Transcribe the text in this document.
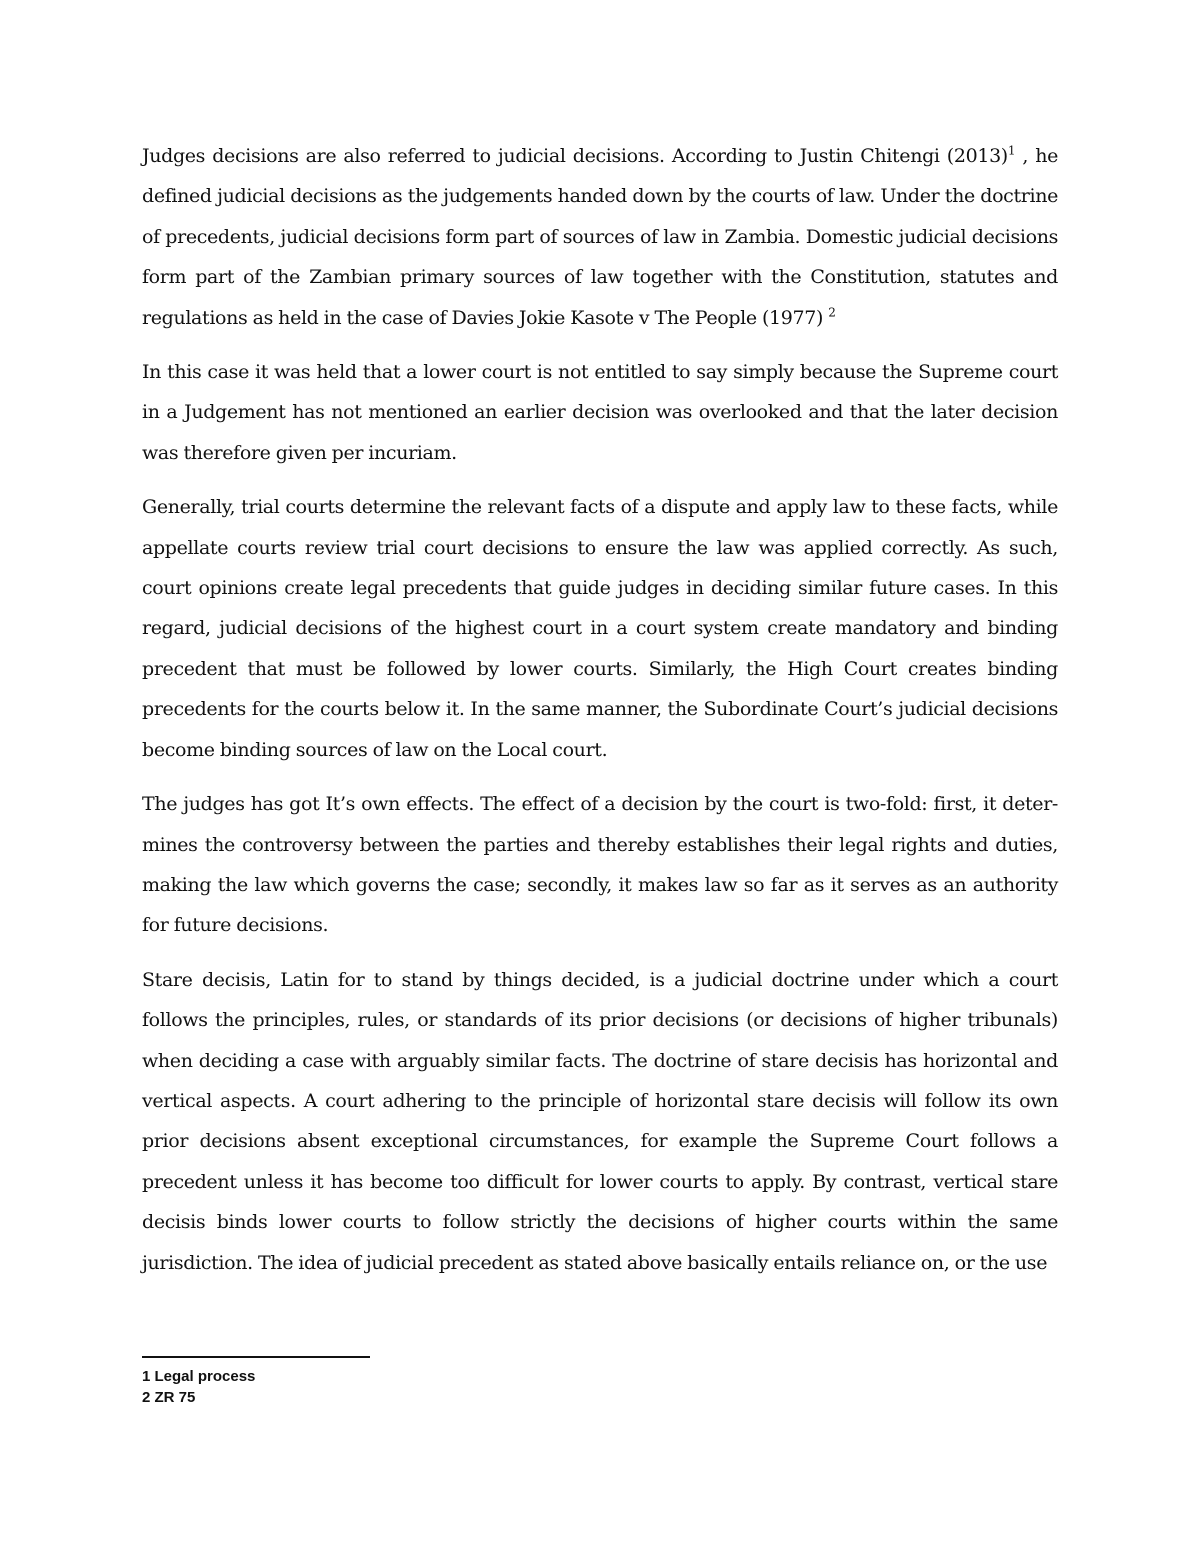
Judges decisions are also referred to judicial decisions. According to Justin Chitengi $(2013)^1$ , he defined judicial decisions as the judgements handed down by the courts of law. Under the doctrine of precedents, judicial decisions form part of sources of law in Zambia. Domestic judicial decisions form part of the Zambian primary sources of law together with the Constitution, statutes and regulations as held in the case of Davies Jokie Kasote v The People (1977) $^2$

In this case it was held that a lower court is not entitled to say simply because the Supreme court in a Judgement has not mentioned an earlier decision was overlooked and that the later decision was therefore given per incuriam.

Generally, trial courts determine the relevant facts of a dispute and apply law to these facts, while appellate courts review trial court decisions to ensure the law was applied correctly. As such, court opinions create legal precedents that guide judges in deciding similar future cases. In this regard, judicial decisions of the highest court in a court system create mandatory and binding precedent that must be followed by lower courts. Similarly, the High Court creates binding precedents for the courts below it. In the same manner, the Subordinate Court’s judicial decisions become binding sources of law on the Local court.

The judges has got It’s own effects. The effect of a decision by the court is two-fold: first, it deter- mines the controversy between the parties and thereby establishes their legal rights and duties, making the law which governs the case; secondly, it makes law so far as it serves as an authority for future decisions.

Stare decisis, Latin for to stand by things decided, is a judicial doctrine under which a court follows the principles, rules, or standards of its prior decisions (or decisions of higher tribunals) when deciding a case with arguably similar facts. The doctrine of stare decisis has horizontal and vertical aspects. A court adhering to the principle of horizontal stare decisis will follow its own prior decisions absent exceptional circumstances, for example the Supreme Court follows a precedent unless it has become too difficult for lower courts to apply. By contrast, vertical stare decisis binds lower courts to follow strictly the decisions of higher courts within the same jurisdiction. The idea of judicial precedent as stated above basically entails reliance on, or the use

1 Legal process
2 ZR 75
